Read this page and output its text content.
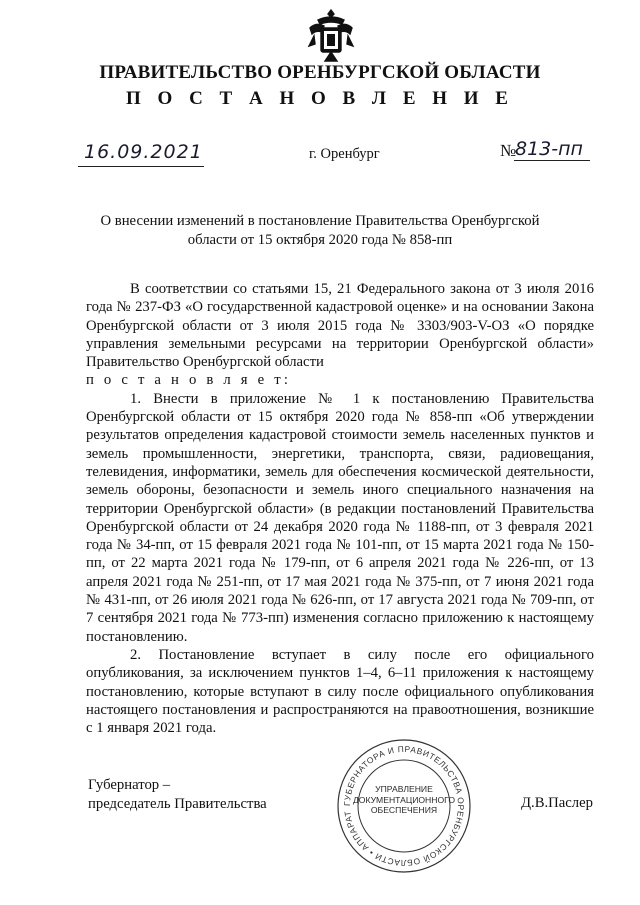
ПРАВИТЕЛЬСТВО ОРЕНБУРГСКОЙ ОБЛАСТИ
П О С Т А Н О В Л Е Н И Е
16.09.2021	г. Оренбург	№
813-пп
О внесении изменений в постановление Правительства Оренбургской области от 15 октября 2020 года № 858-пп

В соответствии со статьями 15, 21 Федерального закона от 3 июля 2016 года № 237-ФЗ «О государственной кадастровой оценке» и на основании Закона Оренбургской области от 3 июля 2015 года № 3303/903-V-ОЗ «О порядке управления земельными ресурсами на территории Оренбургской области» Правительство Оренбургской области

п о с т а н о в л я е т:

1. Внести в приложение № 1 к постановлению Правительства Оренбургской области от 15 октября 2020 года № 858-пп «Об утверждении результатов определения кадастровой стоимости земель населенных пунктов и земель промышленности, энергетики, транспорта, связи, радиовещания, телевидения, информатики, земель для обеспечения космической деятельности, земель обороны, безопасности и земель иного специального назначения на территории Оренбургской области» (в редакции постановлений Правительства Оренбургской области от 24 декабря 2020 года № 1188-пп, от 3 февраля 2021 года № 34-пп, от 15 февраля 2021 года № 101-пп, от 15 марта 2021 года № 150-пп, от 22 марта 2021 года № 179-пп, от 6 апреля 2021 года № 226-пп, от 13 апреля 2021 года № 251-пп, от 17 мая 2021 года № 375-пп, от 7 июня 2021 года № 431-пп, от 26 июля 2021 года № 626-пп, от 17 августа 2021 года № 709-пп, от 7 сентября 2021 года № 773-пп) изменения согласно приложению к настоящему постановлению.

2. Постановление вступает в силу после его официального опубликования, за исключением пунктов 1–4, 6–11 приложения к настоящему постановлению, которые вступают в силу после официального опубликования настоящего постановления и распространяются на правоотношения, возникшие с 1 января 2021 года.

Губернатор –
председатель Правительства	Д.В.Паслер
ГУБЕРНАТОРА И ПРАВИТЕЛЬСТВА ОРЕНБУРГСКОЙ ОБЛАСТИ • АППАРАТ
УПРАВЛЕНИЕ
ДОКУМЕНТАЦИОННОГО
ОБЕСПЕЧЕНИЯ
